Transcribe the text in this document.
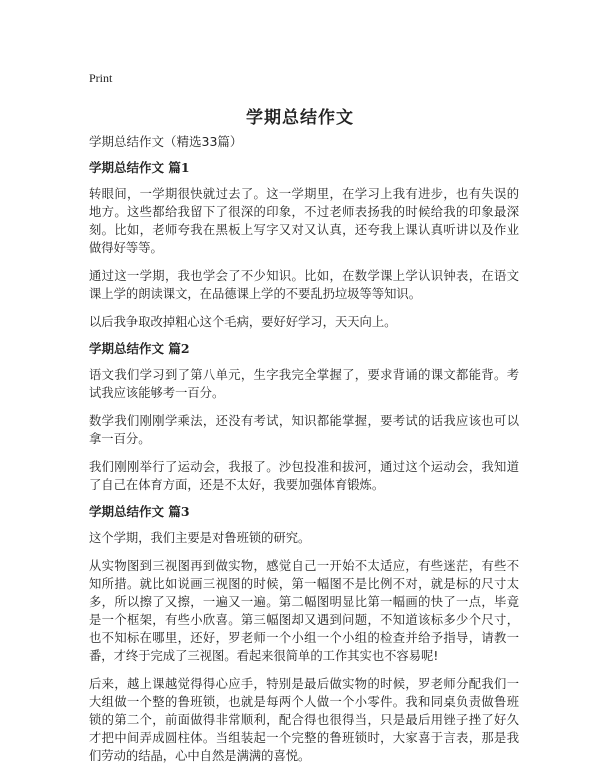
Print
学期总结作文

学期总结作文（精选33篇）

学期总结作文 篇1

转眼间，一学期很快就过去了。这一学期里，在学习上我有进步，也有失误的地方。这些都给我留下了很深的印象，不过老师表扬我的时候给我的印象最深刻。比如，老师夸我在黑板上写字又对又认真，还夸我上课认真听讲以及作业做得好等等。

通过这一学期，我也学会了不少知识。比如，在数学课上学认识钟表，在语文课上学的朗读课文，在品德课上学的不要乱扔垃圾等等知识。

以后我争取改掉粗心这个毛病，要好好学习，天天向上。

学期总结作文 篇2

语文我们学习到了第八单元，生字我完全掌握了，要求背诵的课文都能背。考试我应该能够考一百分。

数学我们刚刚学乘法，还没有考试，知识都能掌握，要考试的话我应该也可以拿一百分。

我们刚刚举行了运动会，我报了。沙包投准和拔河，通过这个运动会，我知道了自己在体育方面，还是不太好，我要加强体育锻炼。

学期总结作文 篇3

这个学期，我们主要是对鲁班锁的研究。

从实物图到三视图再到做实物，感觉自己一开始不太适应，有些迷茫，有些不知所措。就比如说画三视图的时候，第一幅图不是比例不对，就是标的尺寸太多，所以擦了又擦，一遍又一遍。第二幅图明显比第一幅画的快了一点，毕竟是一个框架，有些小欣喜。第三幅图却又遇到问题，不知道该标多少个尺寸，也不知标在哪里，还好，罗老师一个小组一个小组的检查并给予指导，请教一番，才终于完成了三视图。看起来很简单的工作其实也不容易呢!

后来，越上课越觉得得心应手，特别是最后做实物的时候，罗老师分配我们一大组做一个整的鲁班锁，也就是每两个人做一个小零件。我和同桌负责做鲁班锁的第二个，前面做得非常顺利，配合得也很得当，只是最后用锉子挫了好久才把中间弄成圆柱体。当组装起一个完整的鲁班锁时，大家喜于言表，那是我们劳动的结晶，心中自然是满满的喜悦。
